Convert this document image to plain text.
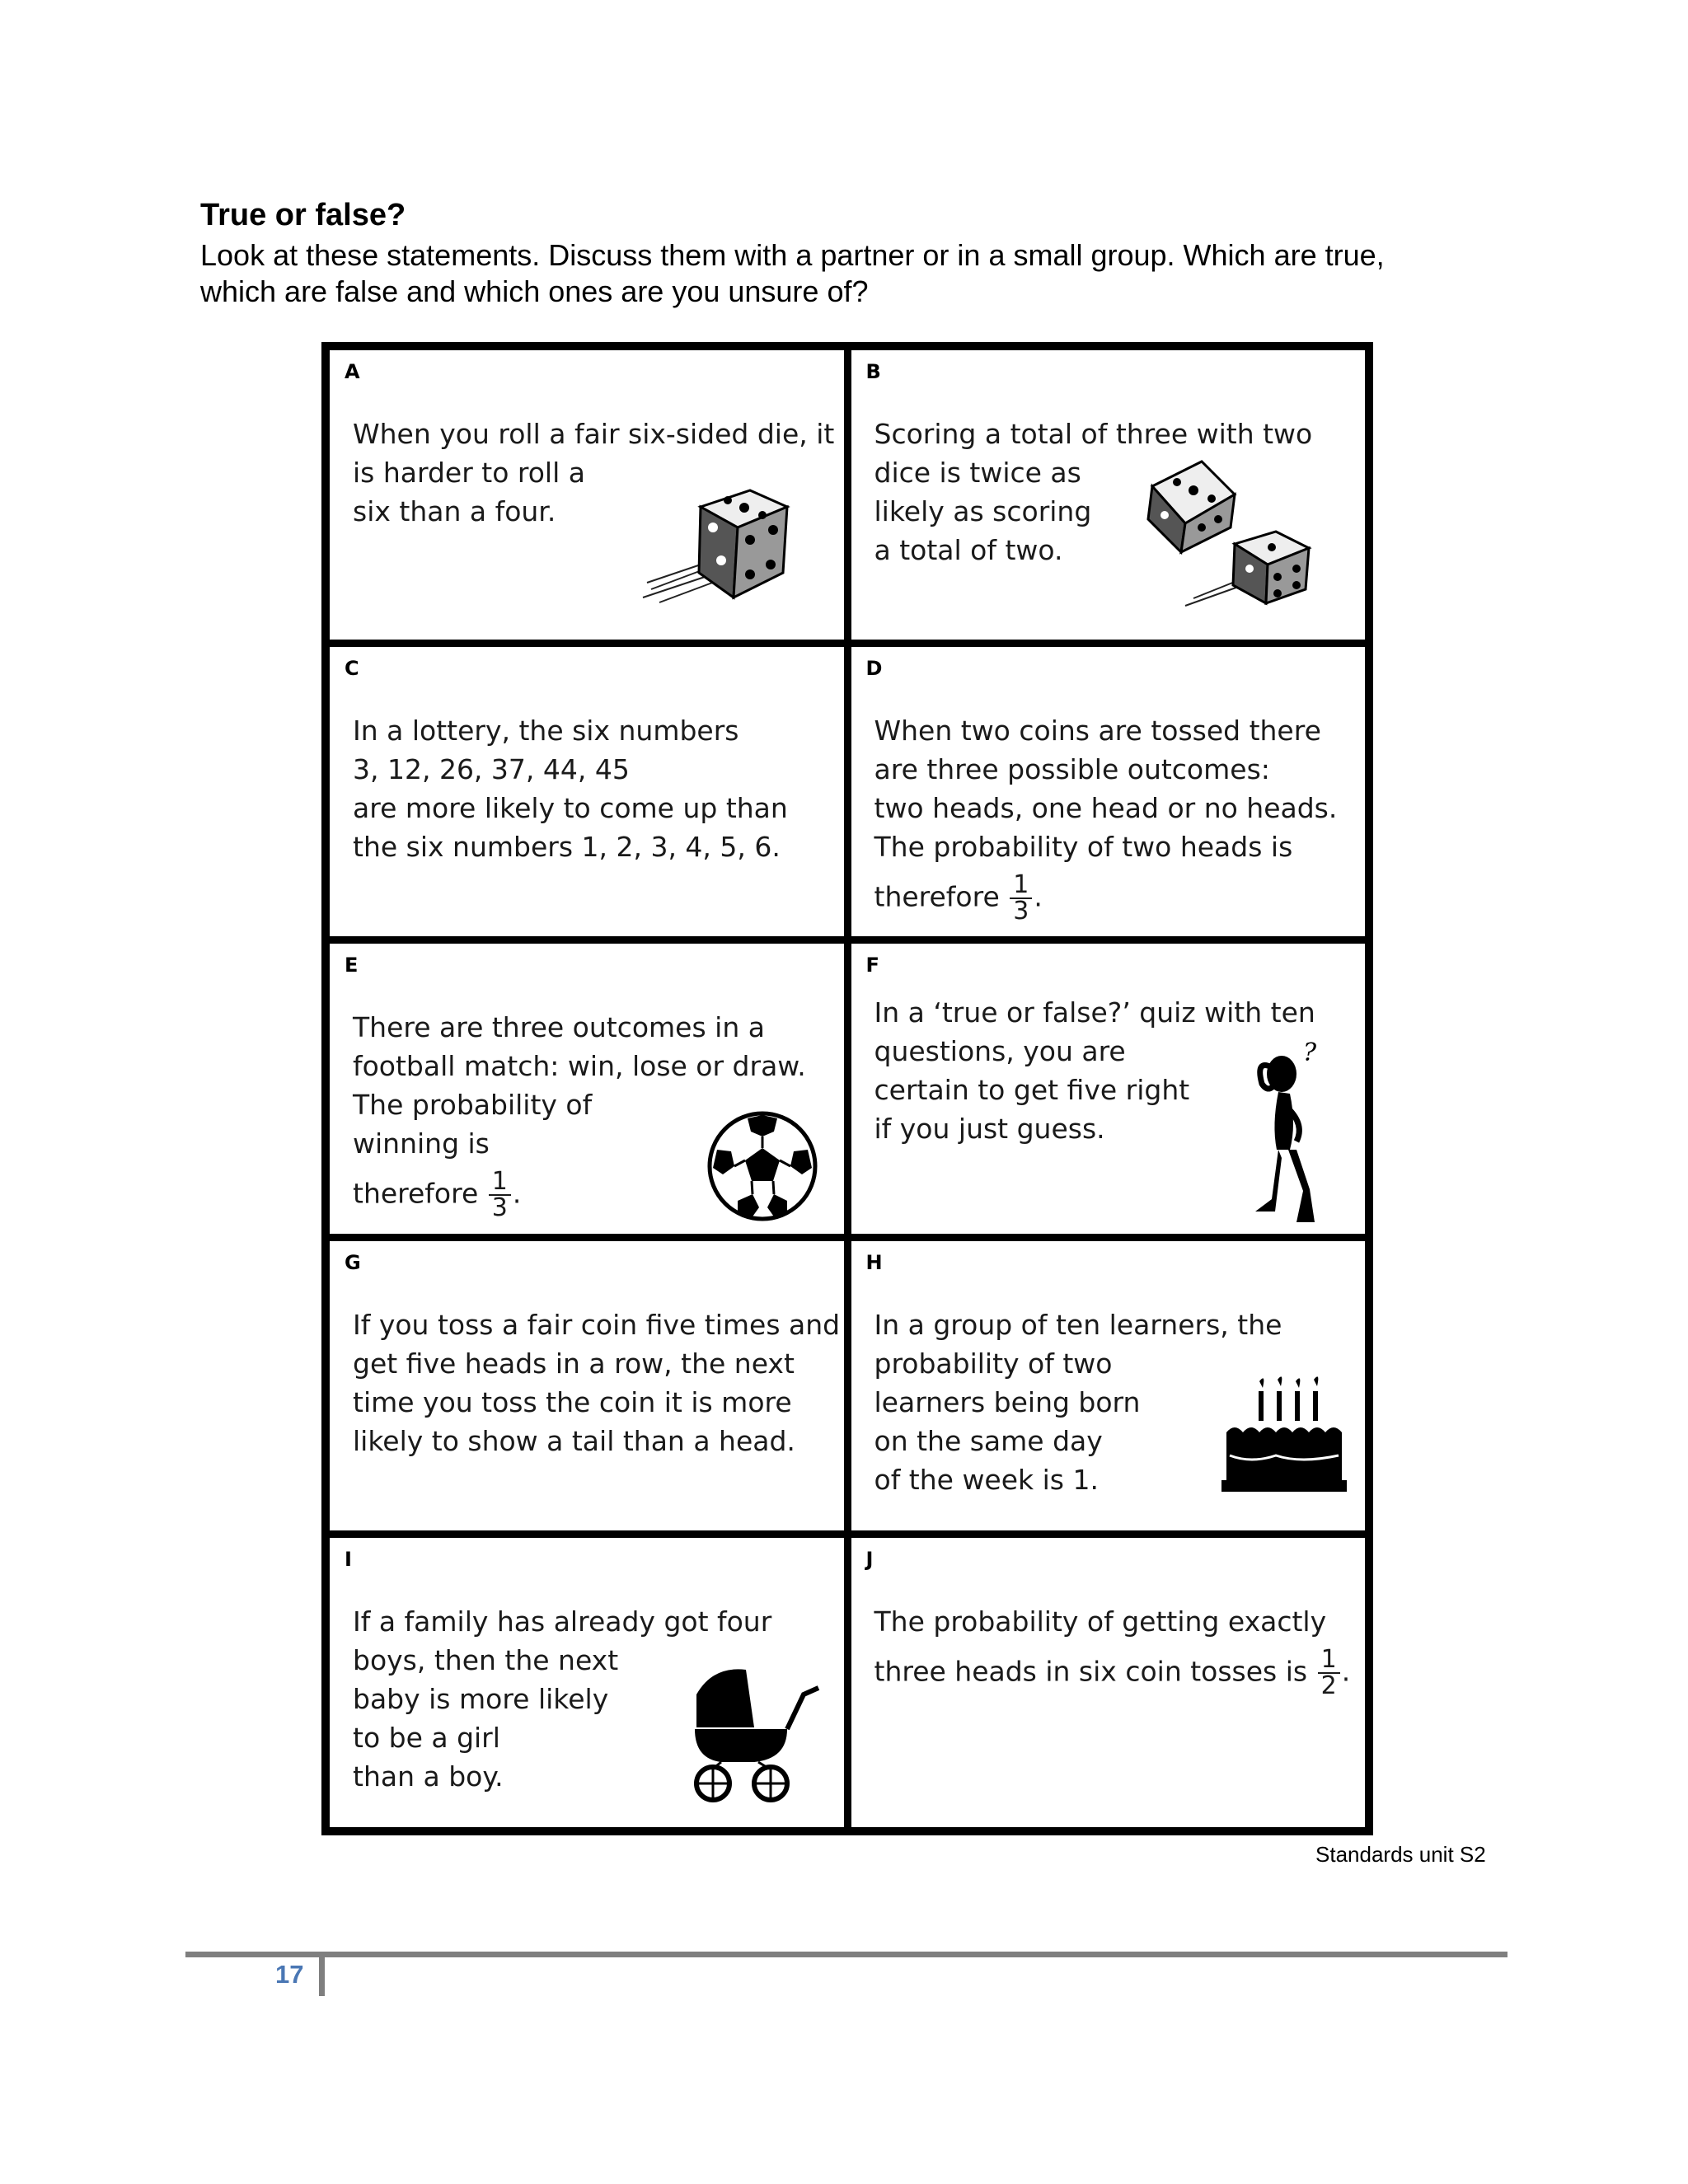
True or false?
Look at these statements. Discuss them with a partner or in a small group. Which are true,
which are false and which ones are you unsure of?
A
When you roll a fair six-sided die, it
is harder to roll a
six than a four.
B
Scoring a total of three with two
dice is twice as
likely as scoring
a total of two.
C
In a lottery, the six numbers
3, 12, 26, 37, 44, 45
are more likely to come up than
the six numbers 1, 2, 3, 4, 5, 6.
D
When two coins are tossed there
are three possible outcomes:
two heads, one head or no heads.
The probability of two heads is
therefore $\frac{1}{3}$ .
E
There are three outcomes in a
football match: win, lose or draw.
The probability of
winning is
therefore $\frac{1}{3}$ .
F
In a ‘true or false?’ quiz with ten
questions, you are
certain to get five right
if you just guess.
?
G
If you toss a fair coin five times and
get five heads in a row, the next
time you toss the coin it is more
likely to show a tail than a head.
H
In a group of ten learners, the
probability of two
learners being born
on the same day
of the week is 1.
I
If a family has already got four
boys, then the next
baby is more likely
to be a girl
than a boy.
J
The probability of getting exactly
three heads in six coin tosses is $\frac{1}{2}$ .
Standards unit S2
17
